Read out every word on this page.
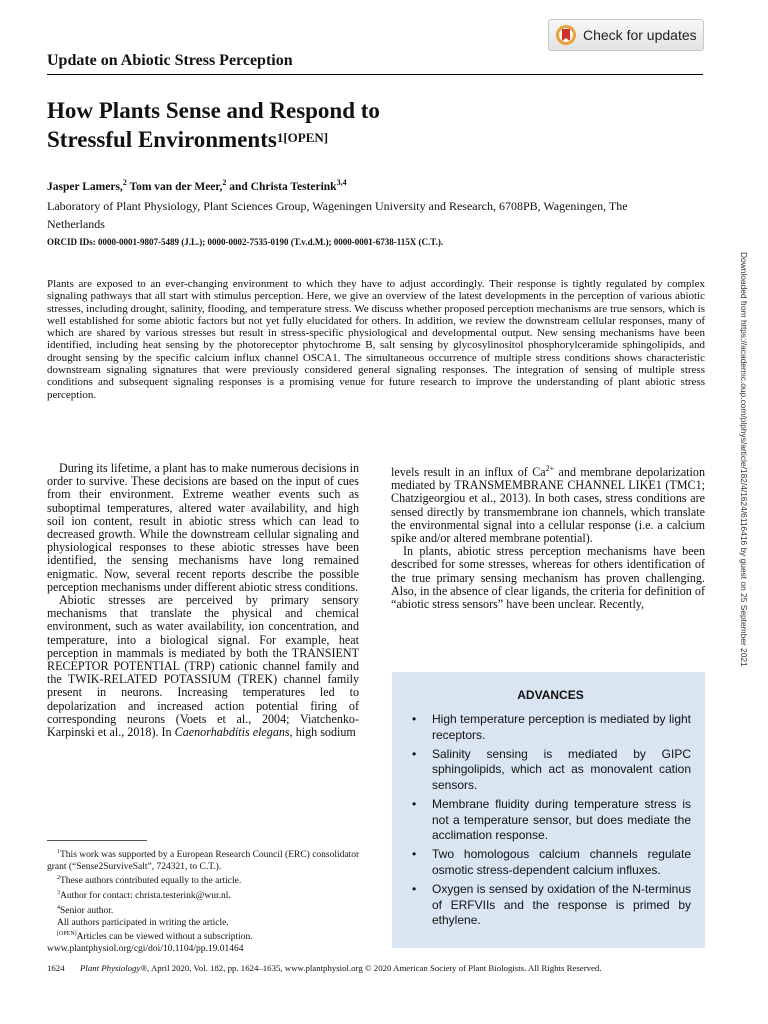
Check for updates
Update on Abiotic Stress Perception
How Plants Sense and Respond to
Stressful Environments$^{1[OPEN]}$
Jasper Lamers,$^2$ Tom van der Meer,$^2$ and Christa Testerink$^{3,4}$
Laboratory of Plant Physiology, Plant Sciences Group, Wageningen University and Research, 6708PB, Wageningen, The Netherlands
ORCID IDs: 0000-0001-9807-5489 (J.L.); 0000-0002-7535-0190 (T.v.d.M.); 0000-0001-6738-115X (C.T.).
Plants are exposed to an ever-changing environment to which they have to adjust accordingly. Their response is tightly regulated by complex signaling pathways that all start with stimulus perception. Here, we give an overview of the latest developments in the perception of various abiotic stresses, including drought, salinity, flooding, and temperature stress. We discuss whether proposed perception mechanisms are true sensors, which is well established for some abiotic factors but not yet fully elucidated for others. In addition, we review the downstream cellular responses, many of which are shared by various stresses but result in stress-specific physiological and developmental output. New sensing mechanisms have been identified, including heat sensing by the photoreceptor phytochrome B, salt sensing by glycosylinositol phosphorylceramide sphingolipids, and drought sensing by the specific calcium influx channel OSCA1. The simultaneous occurrence of multiple stress conditions shows characteristic downstream signaling signatures that were previously considered general signaling responses. The integration of sensing of multiple stress conditions and subsequent signaling responses is a promising venue for future research to improve the understanding of plant abiotic stress perception.	Downloaded from https://academic.oup.com/plphys/article/182/4/1624/6116416 by guest on 25 September 2021

During its lifetime, a plant has to make numerous decisions in order to survive. These decisions are based on the input of cues from their environment. Extreme weather events such as suboptimal temperatures, altered water availability, and high soil ion content, result in abiotic stress which can lead to decreased growth. While the downstream cellular signaling and physiological responses to these abiotic stresses have been identified, the sensing mechanisms have long remained enigmatic. Now, several recent reports describe the possible perception mechanisms under different abiotic stress conditions.

Abiotic stresses are perceived by primary sensory mechanisms that translate the physical and chemical environment, such as water availability, ion concentration, and temperature, into a biological signal. For example, heat perception in mammals is mediated by both the TRANSIENT RECEPTOR POTENTIAL (TRP) cationic channel family and the TWIK-RELATED POTASSIUM (TREK) channel family present in neurons. Increasing temperatures led to depolarization and increased action potential firing of corresponding neurons (Voets et al., 2004; Viatchenko-Karpinski et al., 2018). In Caenorhabditis elegans, high sodium

levels result in an influx of $Ca^{2+}$ and membrane depolarization mediated by TRANSMEMBRANE CHANNEL LIKE1 (TMC1; Chatzigeorgiou et al., 2013). In both cases, stress conditions are sensed directly by transmembrane ion channels, which translate the environmental signal into a cellular response (i.e. a calcium spike and/or altered membrane potential).

In plants, abiotic stress perception mechanisms have been described for some stresses, whereas for others identification of the true primary sensing mechanism has proven challenging. Also, in the absence of clear ligands, the criteria for definition of “abiotic stress sensors” have been unclear. Recently,

ADVANCES
• High temperature perception is mediated by light receptors.
• Salinity sensing is mediated by GIPC sphingolipids, which act as monovalent cation sensors.
• Membrane fluidity during temperature stress is not a temperature sensor, but does mediate the acclimation response.
• Two homologous calcium channels regulate osmotic stress-dependent calcium influxes.
• Oxygen is sensed by oxidation of the N-terminus of ERFVIIs and the response is primed by ethylene.
$^1$This work was supported by a European Research Council (ERC) consolidator grant (“Sense2SurviveSalt”, 724321, to C.T.).
$^2$These authors contributed equally to the article.
$^3$Author for contact: christa.testerink@wur.nl.
$^4$Senior author.
All authors participated in writing the article.
[OPEN]Articles can be viewed without a subscription.
www.plantphysiol.org/cgi/doi/10.1104/pp.19.01464
1624 Plant Physiology®, April 2020, Vol. 182, pp. 1624–1635, www.plantphysiol.org © 2020 American Society of Plant Biologists. All Rights Reserved.
